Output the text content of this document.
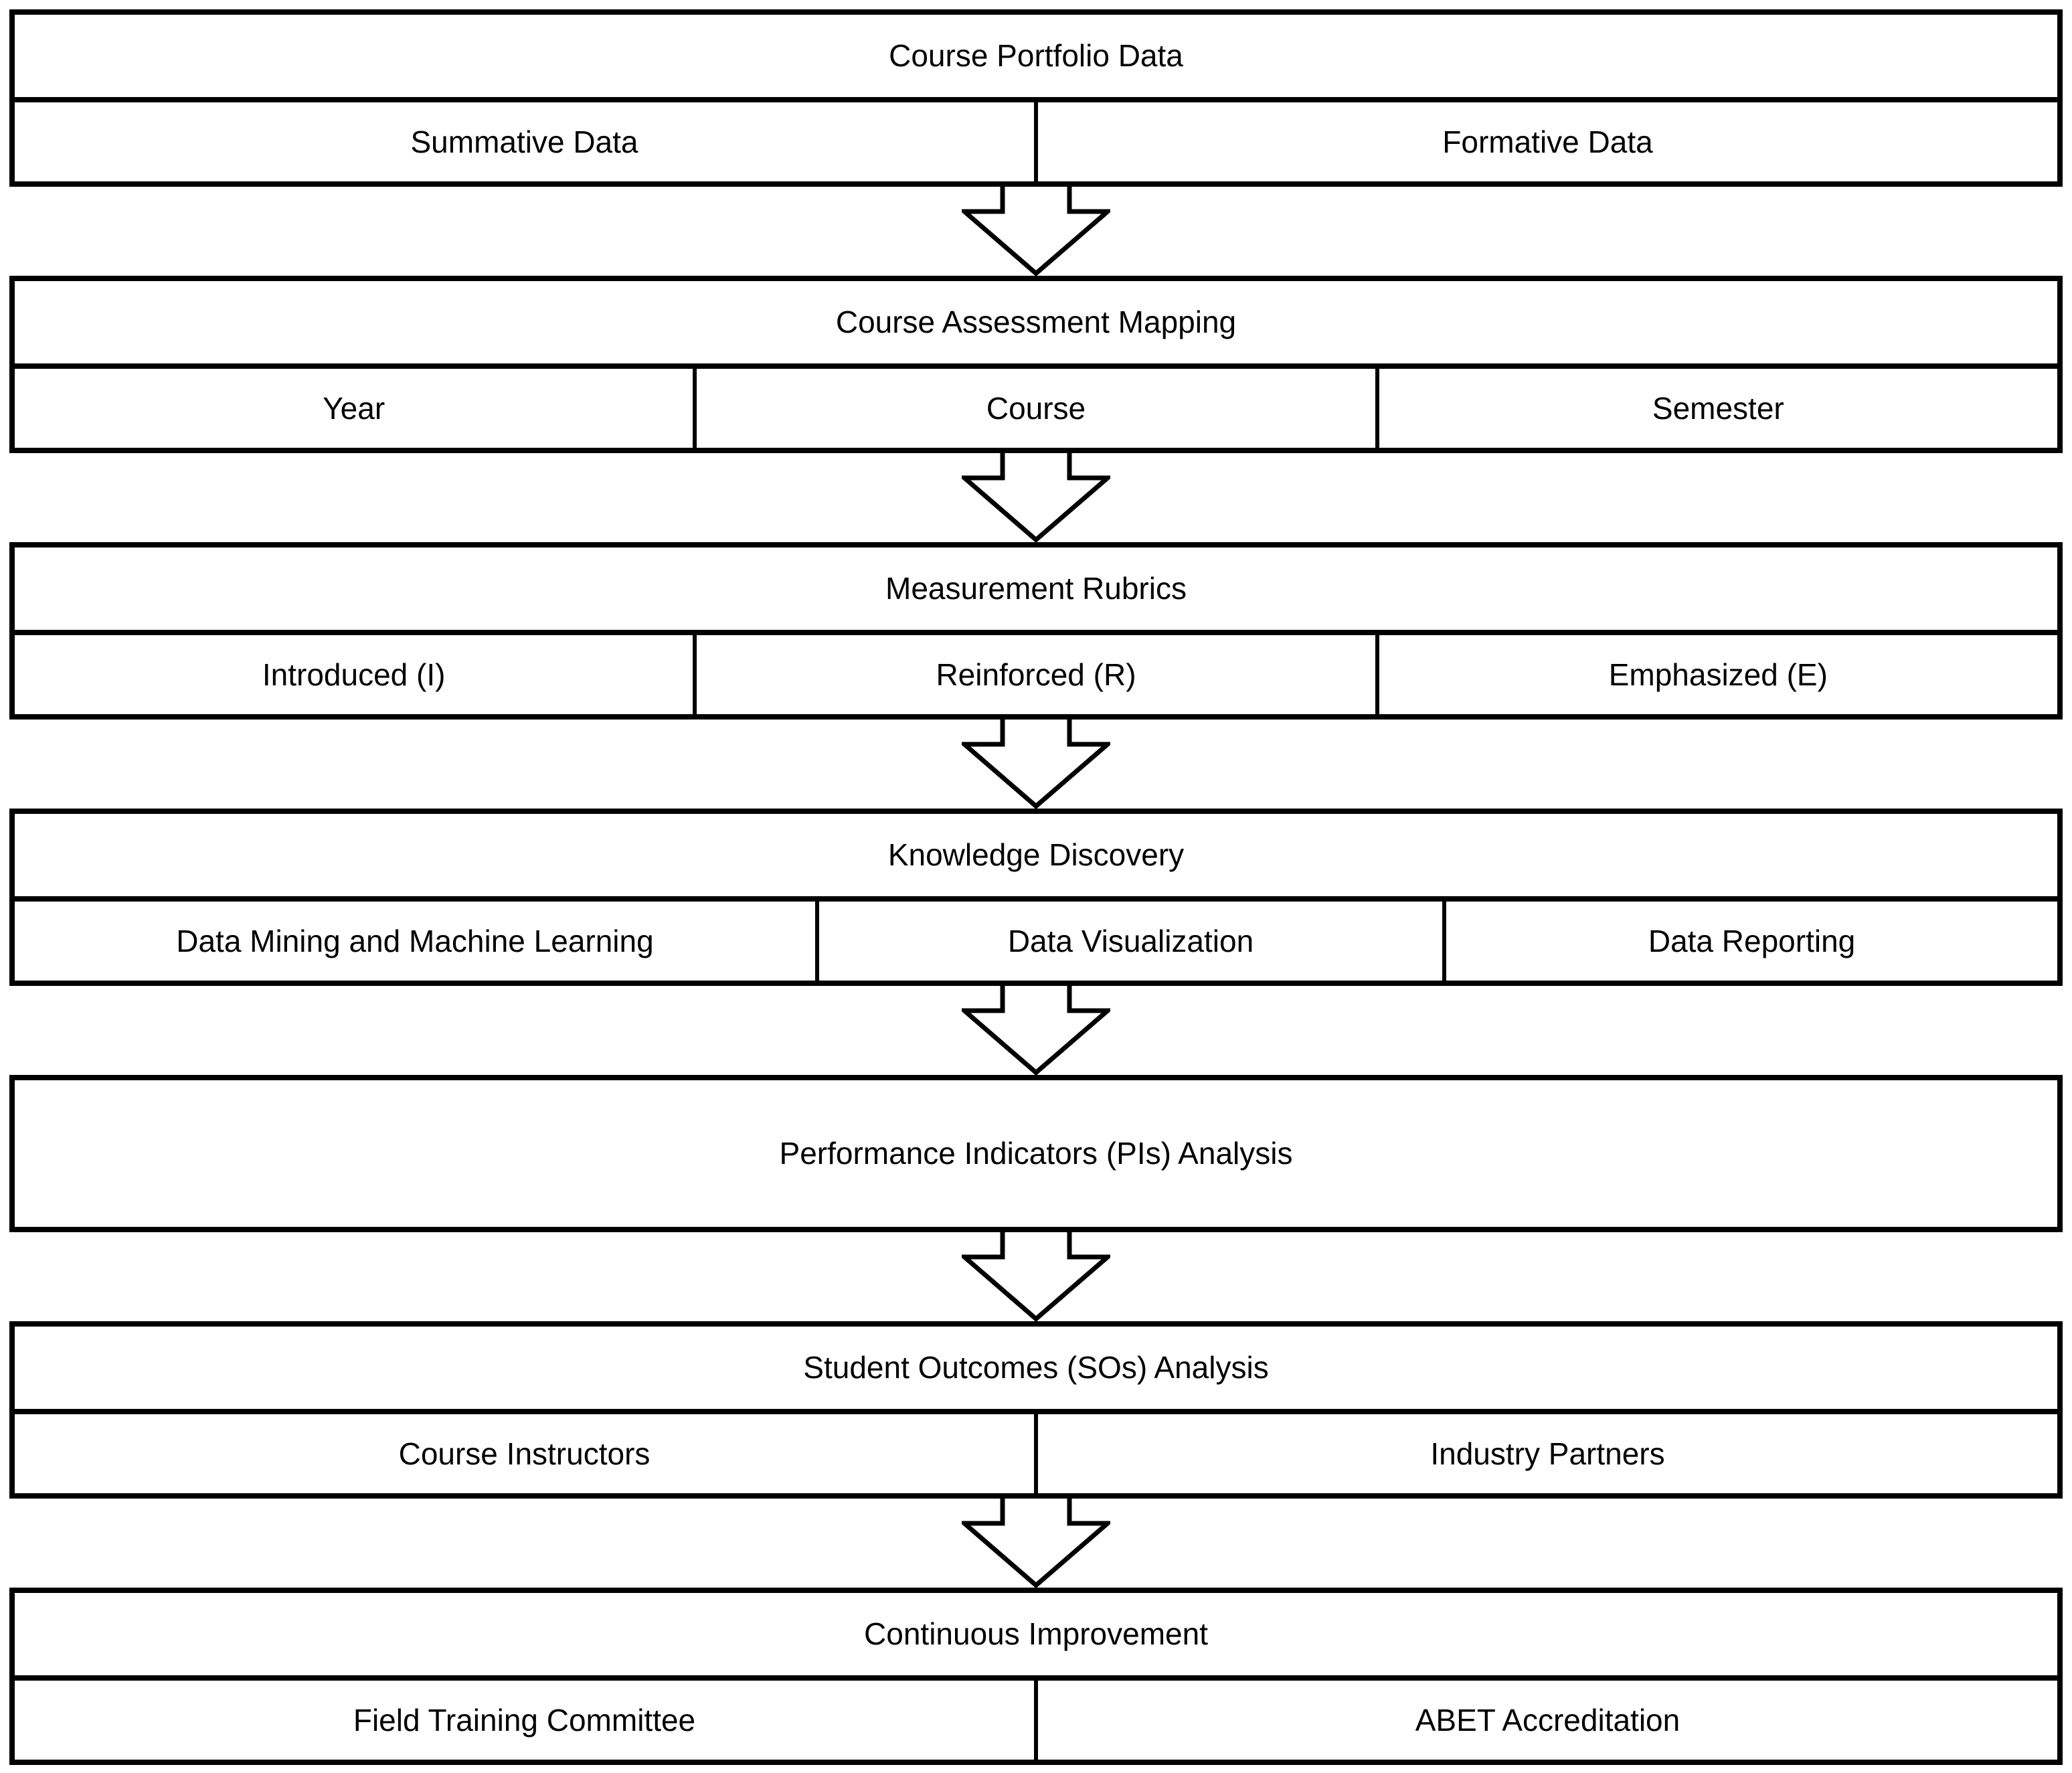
Course Portfolio Data
Summative Data	Formative Data
Course Assessment Mapping
Year	Course	Semester
Measurement Rubrics
Introduced (I)	Reinforced (R)	Emphasized (E)
Knowledge Discovery
Data Mining and Machine Learning	Data Visualization	Data Reporting
Performance Indicators (PIs) Analysis
Student Outcomes (SOs) Analysis
Course Instructors	Industry Partners
Continuous Improvement
Field Training Committee	ABET Accreditation
